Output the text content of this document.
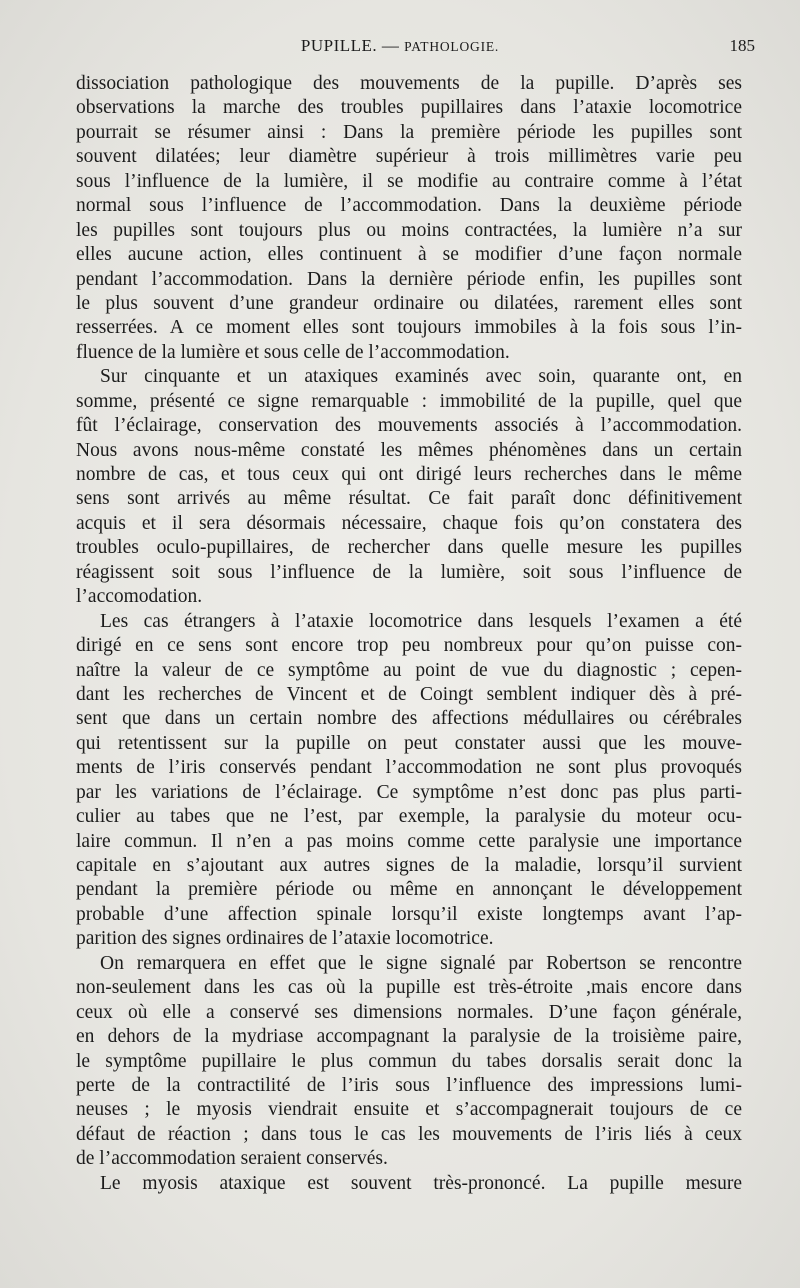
PUPILLE. — PATHOLOGIE.	185
dissociation pathologique des mouvements de la pupille. D’après ses
observations la marche des troubles pupillaires dans l’ataxie locomotrice
pourrait se résumer ainsi : Dans la première période les pupilles sont
souvent dilatées; leur diamètre supérieur à trois millimètres varie peu
sous l’influence de la lumière, il se modifie au contraire comme à l’état
normal sous l’influence de l’accommodation. Dans la deuxième période
les pupilles sont toujours plus ou moins contractées, la lumière n’a sur
elles aucune action, elles continuent à se modifier d’une façon normale
pendant l’accommodation. Dans la dernière période enfin, les pupilles sont
le plus souvent d’une grandeur ordinaire ou dilatées, rarement elles sont
resserrées. A ce moment elles sont toujours immobiles à la fois sous l’in-
fluence de la lumière et sous celle de l’accommodation.
Sur cinquante et un ataxiques examinés avec soin, quarante ont, en
somme, présenté ce signe remarquable : immobilité de la pupille, quel que
fût l’éclairage, conservation des mouvements associés à l’accommodation.
Nous avons nous-même constaté les mêmes phénomènes dans un certain
nombre de cas, et tous ceux qui ont dirigé leurs recherches dans le même
sens sont arrivés au même résultat. Ce fait paraît donc définitivement
acquis et il sera désormais nécessaire, chaque fois qu’on constatera des
troubles oculo-pupillaires, de rechercher dans quelle mesure les pupilles
réagissent soit sous l’influence de la lumière, soit sous l’influence de
l’accomodation.
Les cas étrangers à l’ataxie locomotrice dans lesquels l’examen a été
dirigé en ce sens sont encore trop peu nombreux pour qu’on puisse con-
naître la valeur de ce symptôme au point de vue du diagnostic ; cepen-
dant les recherches de Vincent et de Coingt semblent indiquer dès à pré-
sent que dans un certain nombre des affections médullaires ou cérébrales
qui retentissent sur la pupille on peut constater aussi que les mouve-
ments de l’iris conservés pendant l’accommodation ne sont plus provoqués
par les variations de l’éclairage. Ce symptôme n’est donc pas plus parti-
culier au tabes que ne l’est, par exemple, la paralysie du moteur ocu-
laire commun. Il n’en a pas moins comme cette paralysie une importance
capitale en s’ajoutant aux autres signes de la maladie, lorsqu’il survient
pendant la première période ou même en annonçant le développement
probable d’une affection spinale lorsqu’il existe longtemps avant l’ap-
parition des signes ordinaires de l’ataxie locomotrice.
On remarquera en effet que le signe signalé par Robertson se rencontre
non-seulement dans les cas où la pupille est très-étroite ,mais encore dans
ceux où elle a conservé ses dimensions normales. D’une façon générale,
en dehors de la mydriase accompagnant la paralysie de la troisième paire,
le symptôme pupillaire le plus commun du tabes dorsalis serait donc la
perte de la contractilité de l’iris sous l’influence des impressions lumi-
neuses ; le myosis viendrait ensuite et s’accompagnerait toujours de ce
défaut de réaction ; dans tous le cas les mouvements de l’iris liés à ceux
de l’accommodation seraient conservés.
Le myosis ataxique est souvent très-prononcé. La pupille mesure
